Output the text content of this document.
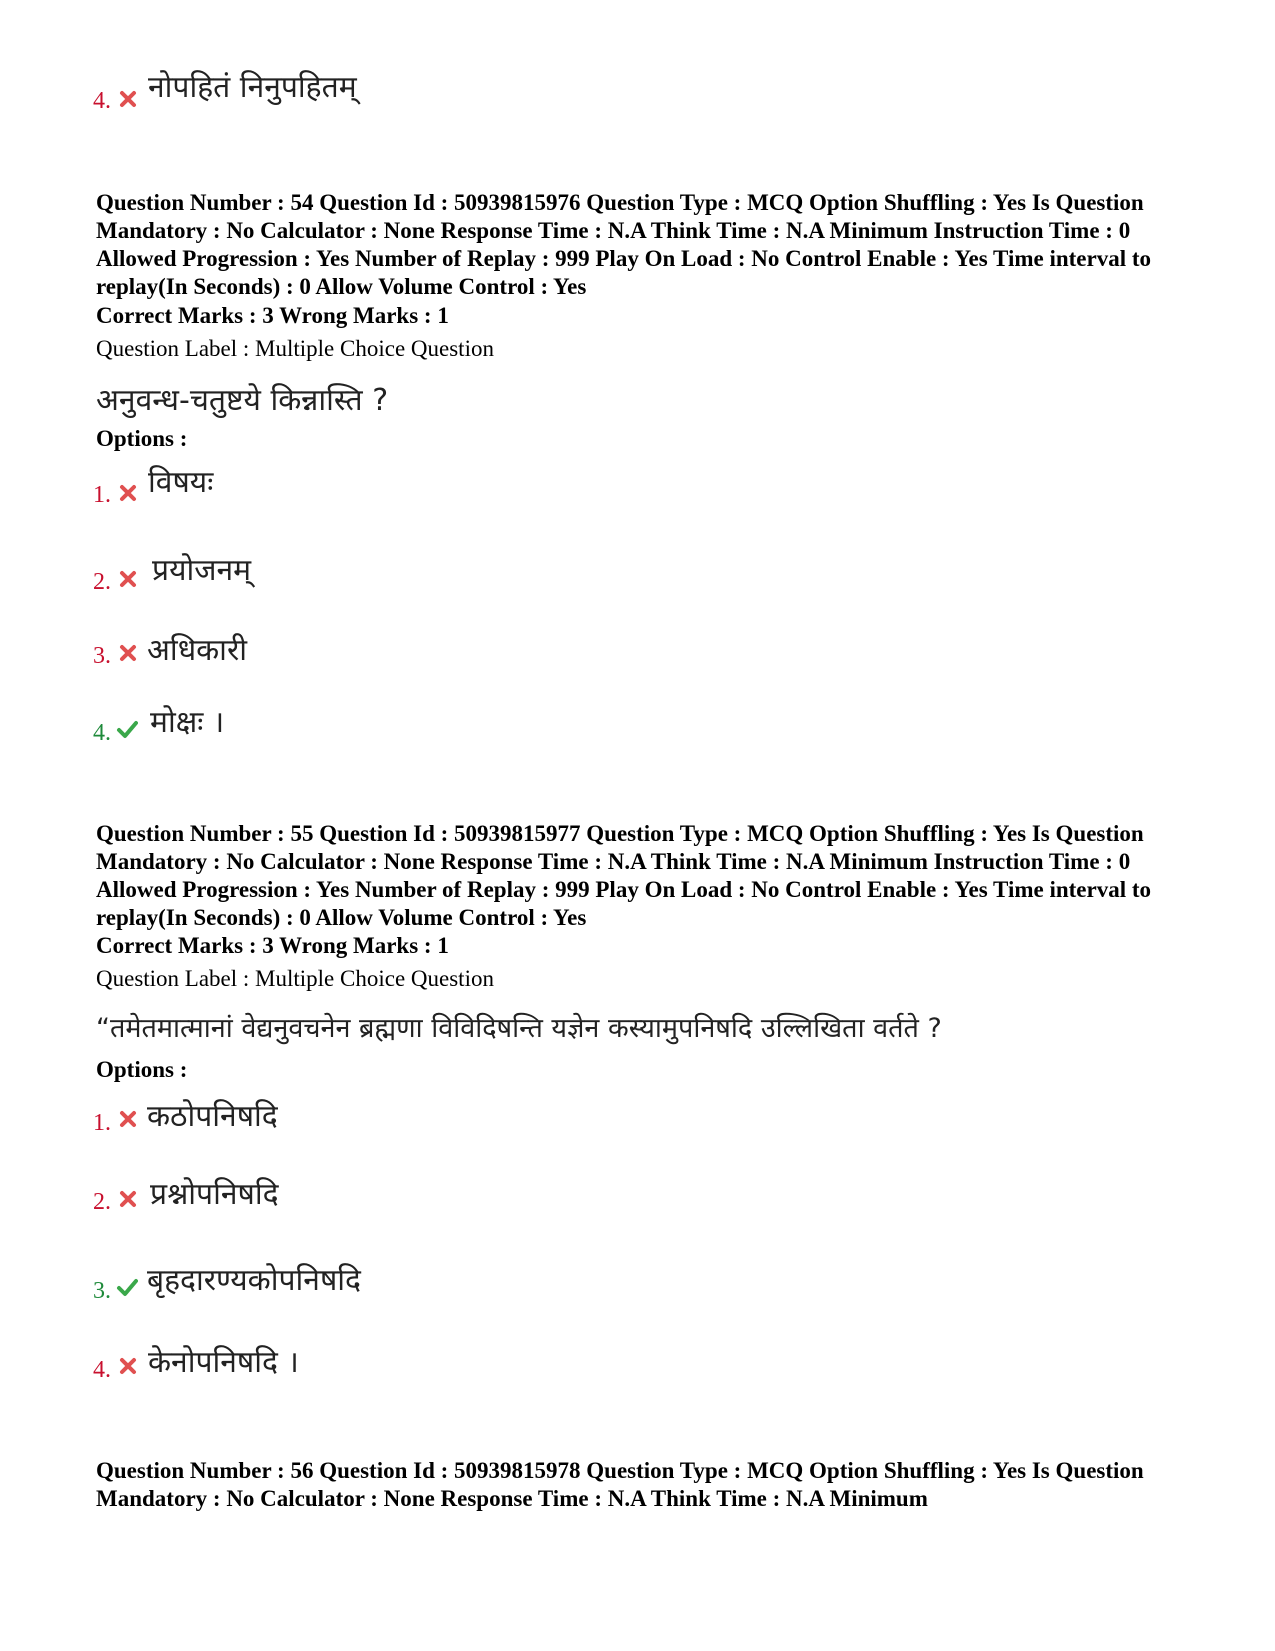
4. नोपहितं निनुपहितम्
Question Number : 54 Question Id : 50939815976 Question Type : MCQ Option Shuffling : Yes Is Question Mandatory : No Calculator : None Response Time : N.A Think Time : N.A Minimum Instruction Time : 0 Allowed Progression : Yes Number of Replay : 999 Play On Load : No Control Enable : Yes Time interval to replay(In Seconds) : 0 Allow Volume Control : Yes
Correct Marks : 3 Wrong Marks : 1
Question Label : Multiple Choice Question
अनुवन्ध-चतुष्टये किन्नास्ति ?
Options :
1. विषयः
2. प्रयोजनम्
3. अधिकारी
4. मोक्षः ।
Question Number : 55 Question Id : 50939815977 Question Type : MCQ Option Shuffling : Yes Is Question Mandatory : No Calculator : None Response Time : N.A Think Time : N.A Minimum Instruction Time : 0 Allowed Progression : Yes Number of Replay : 999 Play On Load : No Control Enable : Yes Time interval to replay(In Seconds) : 0 Allow Volume Control : Yes
Correct Marks : 3 Wrong Marks : 1
Question Label : Multiple Choice Question
“तमेतमात्मानां वेद्यनुवचनेन ब्रह्मणा विविदिषन्ति यज्ञेन कस्यामुपनिषदि उल्लिखिता वर्तते ?
Options :
1. कठोपनिषदि
2. प्रश्नोपनिषदि
3. बृहदारण्यकोपनिषदि
4. केनोपनिषदि ।
Question Number : 56 Question Id : 50939815978 Question Type : MCQ Option Shuffling : Yes Is Question Mandatory : No Calculator : None Response Time : N.A Think Time : N.A Minimum
